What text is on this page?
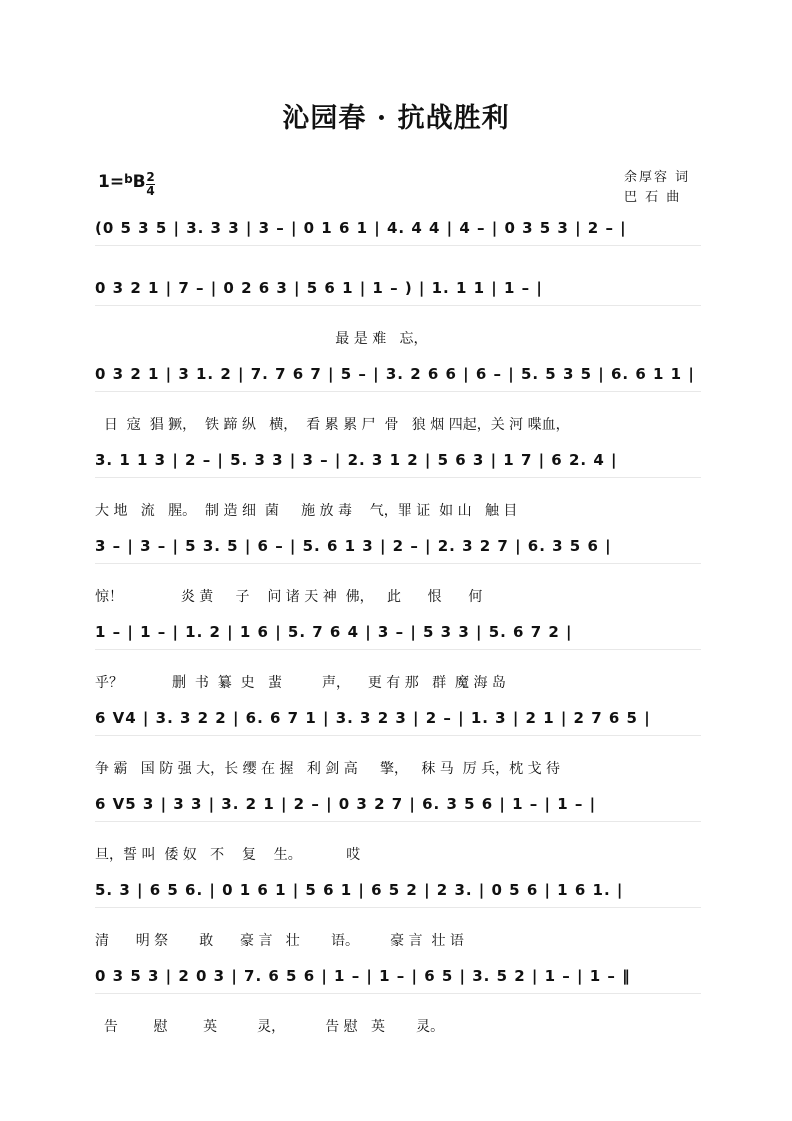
沁园春 · 抗战胜利
1=$^b$B 2
4
余厚容 词
巴 石 曲
(0 5 3 5 | 3. 3 3 | 3 – | 0 1 6 1 | 4. 4 4 | 4 – | 0 3 5 3 | 2 – |
0 3 2 1 | 7 – | 0 2 6 3 | 5 6 1 | 1 – ) | 1. 1 1 | 1 – |
最 是 难   忘，
0 3 2 1 | 3 1. 2 | 7. 7 6 7 | 5 – | 3. 2 6 6 | 6 – | 5. 5 3 5 | 6. 6 1 1 |
日  寇  猖 獗，  铁 蹄 纵   横，  看 累 累 尸  骨   狼 烟 四起，关 河 喋血，
3. 1 1 3 | 2 – | 5. 3 3 | 3 – | 2. 3 1 2 | 5 6 3 | 1 7 | 6 2. 4 |
大 地   流   腥。  制 造 细  菌     施 放 毒    气，罪 证  如 山   触 目
3 – | 3 – | 5 3. 5 | 6 – | 5. 6 1 3 | 2 – | 2. 3 2 7 | 6. 3 5 6 |
惊！             炎 黄     子    问 诸 天 神  佛，   此      恨      何
1 – | 1 – | 1. 2 | 1 6 | 5. 7 6 4 | 3 – | 5 3 3 | 5. 6 7 2 |
乎？           删  书  纂  史   蜚         声，    更 有 那   群  魔 海 岛
6 V4 | 3. 3 2 2 | 6. 6 7 1 | 3. 3 2 3 | 2 – | 1. 3 | 2 1 | 2 7 6 5 |
争 霸   国 防 强 大，长 缨 在 握   利 剑 高     擎，   秣 马  厉 兵，枕 戈 待
6 V5 3 | 3 3 | 3. 2 1 | 2 – | 0 3 2 7 | 6. 3 5 6 | 1 – | 1 – |
旦，誓 叫  倭 奴   不    复    生。          哎
5. 3 | 6 5 6. | 0 1 6 1 | 5 6 1 | 6 5 2 | 2 3. | 0 5 6 | 1 6 1. |
清      明 祭       敢      豪 言   壮       语。       豪 言  壮 语
0 3 5 3 | 2 0 3 | 7. 6 5 6 | 1 – | 1 – | 6 5 | 3. 5 2 | 1 – | 1 – ‖
告        慰        英         灵，         告 慰   英       灵。
